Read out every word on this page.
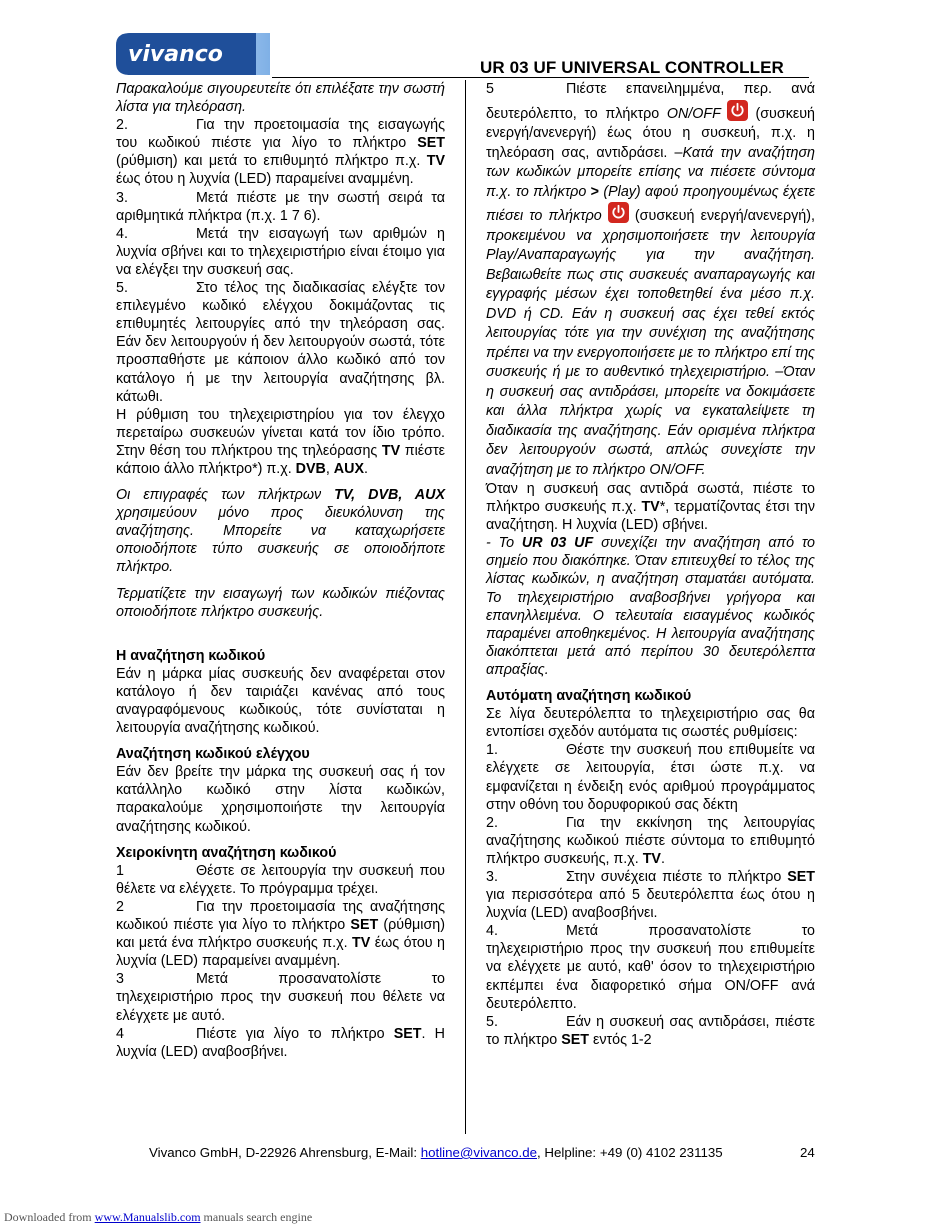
vivanco
UR 03 UF UNIVERSAL CONTROLLER

Παρακαλούμε σιγουρευτείτε ότι επιλέξατε την σωστή λίστα για τηλεόραση.

2.	Για την προετοιμασία της εισαγωγής του κωδικού πιέστε για λίγο το πλήκτρο SET (ρύθμιση) και μετά το επιθυμητό πλήκτρο π.χ. TV έως ότου η λυχνία (LED) παραμείνει αναμμένη.

3.	Μετά πιέστε με την σωστή σειρά τα αριθμητικά πλήκτρα (π.χ. 1 7 6).

4.	Μετά την εισαγωγή των αριθμών η λυχνία σβήνει και το τηλεχειριστήριο είναι έτοιμο για να ελέγξει την συσκευή σας.

5.	Στο τέλος της διαδικασίας ελέγξτε τον επιλεγμένο κωδικό ελέγχου δοκιμάζοντας τις επιθυμητές λειτουργίες από την τηλεόραση σας. Εάν δεν λειτουργούν ή δεν λειτουργούν σωστά, τότε προσπαθήστε με κάποιον άλλο κωδικό από τον κατάλογο ή με την λειτουργία αναζήτησης βλ. κάτωθι.

Η ρύθμιση του τηλεχειριστηρίου για τον έλεγχο περεταίρω συσκευών γίνεται κατά τον ίδιο τρόπο. Στην θέση του πλήκτρου της τηλεόρασης TV πιέστε κάποιο άλλο πλήκτρο*) π.χ. DVB, AUX.

Οι επιγραφές των πλήκτρων TV, DVB, AUX χρησιμεύουν μόνο προς διευκόλυνση της αναζήτησης. Μπορείτε να καταχωρήσετε οποιοδήποτε τύπο συσκευής σε οποιοδήποτε πλήκτρο.

Τερματίζετε την εισαγωγή των κωδικών πιέζοντας οποιοδήποτε πλήκτρο συσκευής.

Η αναζήτηση κωδικού

Εάν η μάρκα μίας συσκευής δεν αναφέρεται στον κατάλογο ή δεν ταιριάζει κανένας από τους αναγραφόμενους κωδικούς, τότε συνίσταται η λειτουργία αναζήτησης κωδικού.

Αναζήτηση κωδικού ελέγχου

Εάν δεν βρείτε την μάρκα της συσκευή σας ή τον κατάλληλο κωδικό στην λίστα κωδικών, παρακαλούμε χρησιμοποιήστε την λειτουργία αναζήτησης κωδικού.

Χειροκίνητη αναζήτηση κωδικού

1	Θέστε σε λειτουργία την συσκευή που θέλετε να ελέγχετε. Το πρόγραμμα τρέχει.

2	Για την προετοιμασία της αναζήτησης κωδικού πιέστε για λίγο το πλήκτρο SET (ρύθμιση) και μετά ένα πλήκτρο συσκευής π.χ. TV έως ότου η λυχνία (LED) παραμείνει αναμμένη.

3	Μετά προσανατολίστε το τηλεχειριστήριο προς την συσκευή που θέλετε να ελέγχετε με αυτό.

4	Πιέστε για λίγο το πλήκτρο SET. Η λυχνία (LED) αναβοσβήνει.

5	Πιέστε επανειλημμένα, περ. ανά δευτερόλεπτο, το πλήκτρο ON/OFF
(συσκευή ενεργή/ανενεργή) έως ότου η συσκευή, π.χ. η τηλεόραση σας, αντιδράσει. –Κατά την αναζήτηση των κωδικών μπορείτε επίσης να πιέσετε σύντομα π.χ. το πλήκτρο > (Play) αφού προηγουμένως έχετε πιέσει το πλήκτρο
(συσκευή ενεργή/ανενεργή), προκειμένου να χρησιμοποιήσετε την λειτουργία Play/Αναπαραγωγής για την αναζήτηση. Βεβαιωθείτε πως στις συσκευές αναπαραγωγής και εγγραφής μέσων έχει τοποθετηθεί ένα μέσο π.χ. DVD ή CD. Εάν η συσκευή σας έχει τεθεί εκτός λειτουργίας τότε για την συνέχιση της αναζήτησης πρέπει να την ενεργοποιήσετε με το πλήκτρο επί της συσκευής ή με το αυθεντικό τηλεχειριστήριο. –Όταν η συσκευή σας αντιδράσει, μπορείτε να δοκιμάσετε και άλλα πλήκτρα χωρίς να εγκαταλείψετε τη διαδικασία της αναζήτησης. Εάν ορισμένα πλήκτρα δεν λειτουργούν σωστά, απλώς συνεχίστε την αναζήτηση με το πλήκτρο ON/OFF.

Όταν η συσκευή σας αντιδρά σωστά, πιέστε το πλήκτρο συσκευής π.χ. TV*, τερματίζοντας έτσι την αναζήτηση. Η λυχνία (LED) σβήνει.

- Το UR 03 UF συνεχίζει την αναζήτηση από το σημείο που διακόπηκε. Όταν επιτευχθεί το τέλος της λίστας κωδικών, η αναζήτηση σταματάει αυτόματα. Το τηλεχειριστήριο αναβοσβήνει γρήγορα και επανηλλειμένα. Ο τελευταία εισαγμένος κωδικός παραμένει αποθηκεμένος. Η λειτουργία αναζήτησης διακόπτεται μετά από περίπου 30 δευτερόλεπτα απραξίας.

Αυτόματη αναζήτηση κωδικού

Σε λίγα δευτερόλεπτα το τηλεχειριστήριο σας θα εντοπίσει σχεδόν αυτόματα τις σωστές ρυθμίσεις:

1.	Θέστε την συσκευή που επιθυμείτε να ελέγχετε σε λειτουργία, έτσι ώστε π.χ. να εμφανίζεται η ένδειξη ενός αριθμού προγράμματος στην οθόνη του δορυφορικού σας δέκτη

2.	Για την εκκίνηση της λειτουργίας αναζήτησης κωδικού πιέστε σύντομα το επιθυμητό πλήκτρο συσκευής, π.χ. TV.

3.	Στην συνέχεια πιέστε το πλήκτρο SET για περισσότερα από 5 δευτερόλεπτα έως ότου η λυχνία (LED) αναβοσβήνει.

4.	Μετά προσανατολίστε το τηλεχειριστήριο προς την συσκευή που επιθυμείτε να ελέγχετε με αυτό, καθ' όσον το τηλεχειριστήριο εκπέμπει ένα διαφορετικό σήμα ON/OFF ανά δευτερόλεπτο.

5.	Εάν η συσκευή σας αντιδράσει, πιέστε το πλήκτρο SET εντός 1-2

Vivanco GmbH, D-22926 Ahrensburg, E-Mail: hotline@vivanco.de, Helpline: +49 (0) 4102 231135	24
Downloaded from www.Manualslib.com manuals search engine
